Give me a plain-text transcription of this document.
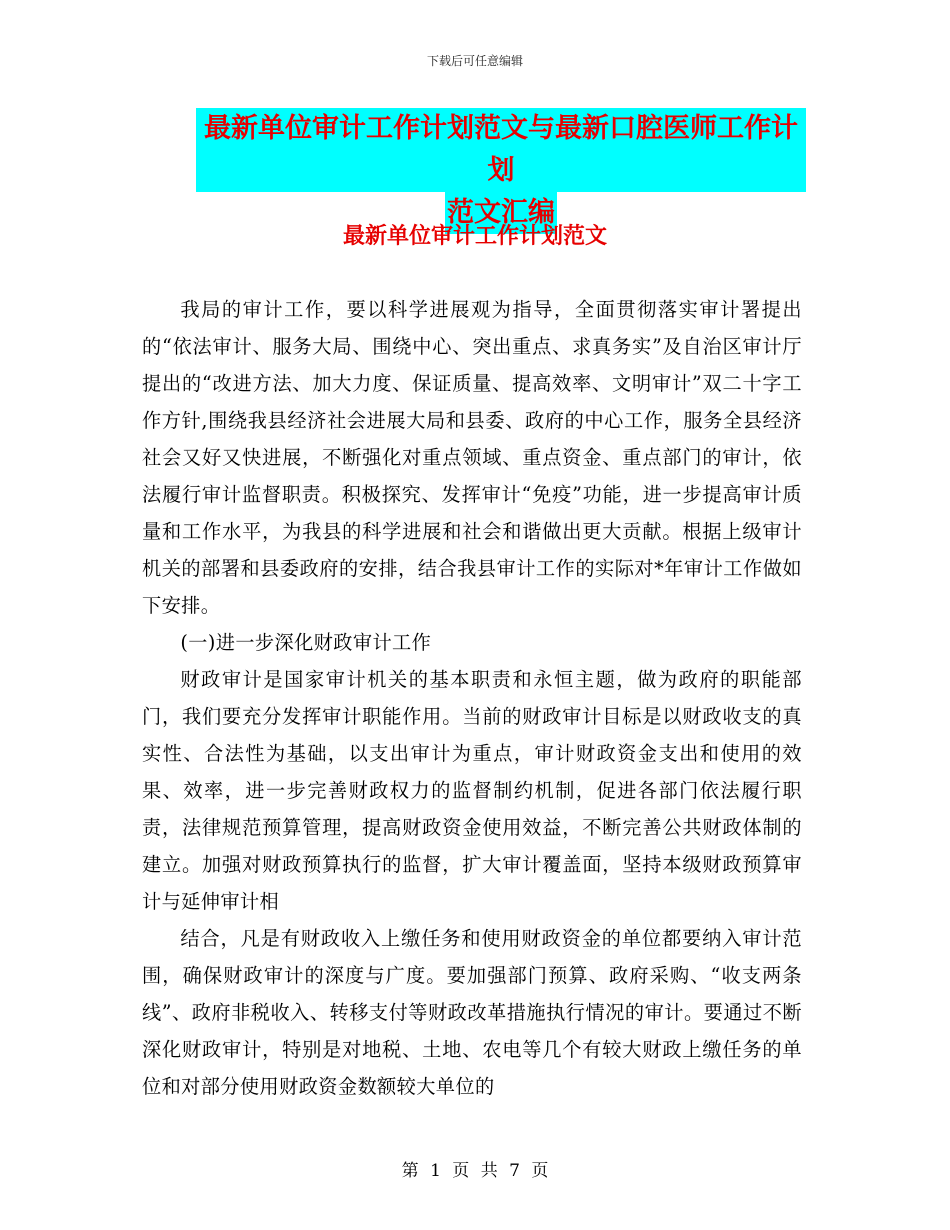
下载后可任意编辑
最新单位审计工作计划范文与最新口腔医师工作计划
范文汇编
最新单位审计工作计划范文

我局的审计工作，要以科学进展观为指导，全面贯彻落实审计署提出的“依法审计、服务大局、围绕中心、突出重点、求真务实”及自治区审计厅提出的“改进方法、加大力度、保证质量、提高效率、文明审计”双二十字工作方针,围绕我县经济社会进展大局和县委、政府的中心工作，服务全县经济社会又好又快进展，不断强化对重点领域、重点资金、重点部门的审计，依法履行审计监督职责。积极探究、发挥审计“免疫”功能，进一步提高审计质量和工作水平，为我县的科学进展和社会和谐做出更大贡献。根据上级审计机关的部署和县委政府的安排，结合我县审计工作的实际对*年审计工作做如下安排。

(一)进一步深化财政审计工作

财政审计是国家审计机关的基本职责和永恒主题，做为政府的职能部门，我们要充分发挥审计职能作用。当前的财政审计目标是以财政收支的真实性、合法性为基础，以支出审计为重点，审计财政资金支出和使用的效果、效率，进一步完善财政权力的监督制约机制，促进各部门依法履行职责，法律规范预算管理，提高财政资金使用效益，不断完善公共财政体制的建立。加强对财政预算执行的监督，扩大审计覆盖面，坚持本级财政预算审计与延伸审计相

结合，凡是有财政收入上缴任务和使用财政资金的单位都要纳入审计范围，确保财政审计的深度与广度。要加强部门预算、政府采购、“收支两条线”、政府非税收入、转移支付等财政改革措施执行情况的审计。要通过不断深化财政审计，特别是对地税、土地、农电等几个有较大财政上缴任务的单位和对部分使用财政资金数额较大单位的

第 1 页 共 7 页
